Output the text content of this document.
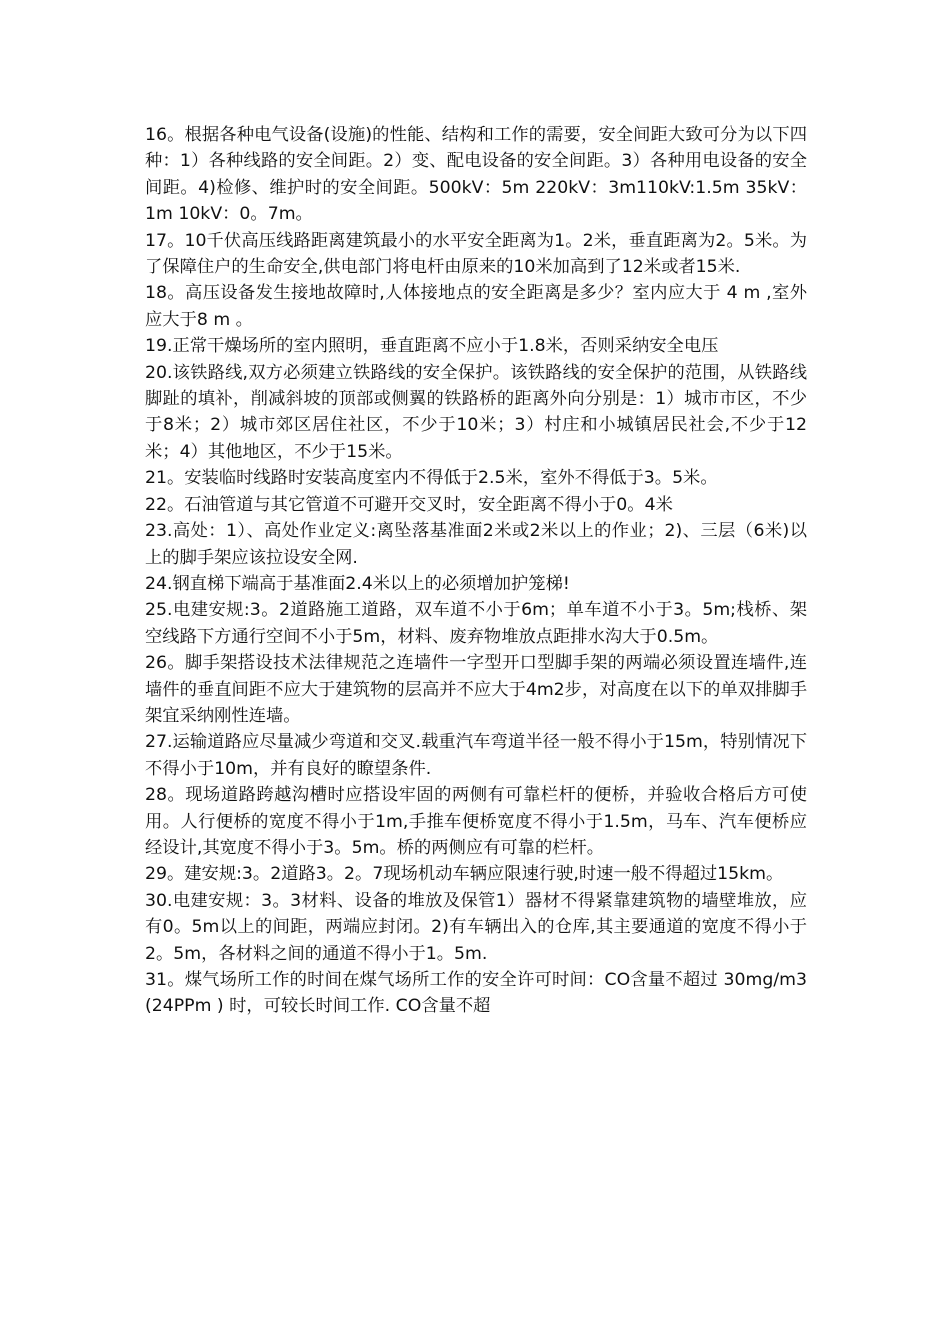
16。根据各种电气设备(设施)的性能、结构和工作的需要，安全间距大致可分为以下四种：1）各种线路的安全间距。2）变、配电设备的安全间距。3）各种用电设备的安全间距。4)检修、维护时的安全间距。500kV：5m 220kV：3m110kV:1.5m 35kV：1m 10kV：0。7m。

17。10千伏高压线路距离建筑最小的水平安全距离为1。2米，垂直距离为2。5米。为了保障住户的生命安全,供电部门将电杆由原来的10米加高到了12米或者15米.

18。高压设备发生接地故障时,人体接地点的安全距离是多少？室内应大于 4 m ,室外应大于8 m 。

19.正常干燥场所的室内照明，垂直距离不应小于1.8米，否则采纳安全电压

20.该铁路线,双方必须建立铁路线的安全保护。该铁路线的安全保护的范围，从铁路线脚趾的填补，削减斜坡的顶部或侧翼的铁路桥的距离外向分别是：1）城市市区，不少于8米；2）城市郊区居住社区，不少于10米；3）村庄和小城镇居民社会,不少于12米；4）其他地区，不少于15米。

21。安装临时线路时安装高度室内不得低于2.5米，室外不得低于3。5米。

22。石油管道与其它管道不可避开交叉时，安全距离不得小于0。4米

23.高处：1）、高处作业定义:离坠落基准面2米或2米以上的作业；2)、三层（6米)以上的脚手架应该拉设安全网.

24.钢直梯下端高于基准面2.4米以上的必须增加护笼梯!

25.电建安规:3。2道路施工道路，双车道不小于6m；单车道不小于3。5m;栈桥、架空线路下方通行空间不小于5m，材料、废弃物堆放点距排水沟大于0.5m。

26。脚手架搭设技术法律规范之连墙件一字型开口型脚手架的两端必须设置连墙件,连墙件的垂直间距不应大于建筑物的层高并不应大于4m2步，对高度在以下的单双排脚手架宜采纳刚性连墙。

27.运输道路应尽量减少弯道和交叉.载重汽车弯道半径一般不得小于15m，特别情况下不得小于10m，并有良好的瞭望条件.

28。现场道路跨越沟槽时应搭设牢固的两侧有可靠栏杆的便桥，并验收合格后方可使用。人行便桥的宽度不得小于1m,手推车便桥宽度不得小于1.5m，马车、汽车便桥应经设计,其宽度不得小于3。5m。桥的两侧应有可靠的栏杆。

29。建安规:3。2道路3。2。7现场机动车辆应限速行驶,时速一般不得超过15km。

30.电建安规：3。3材料、设备的堆放及保管1）器材不得紧靠建筑物的墙壁堆放，应有0。5m以上的间距，两端应封闭。2)有车辆出入的仓库,其主要通道的宽度不得小于2。5m，各材料之间的通道不得小于1。5m.

31。煤气场所工作的时间在煤气场所工作的安全许可时间：CO含量不超过 30mg/m3(24PPm ) 时，可较长时间工作. CO含量不超
